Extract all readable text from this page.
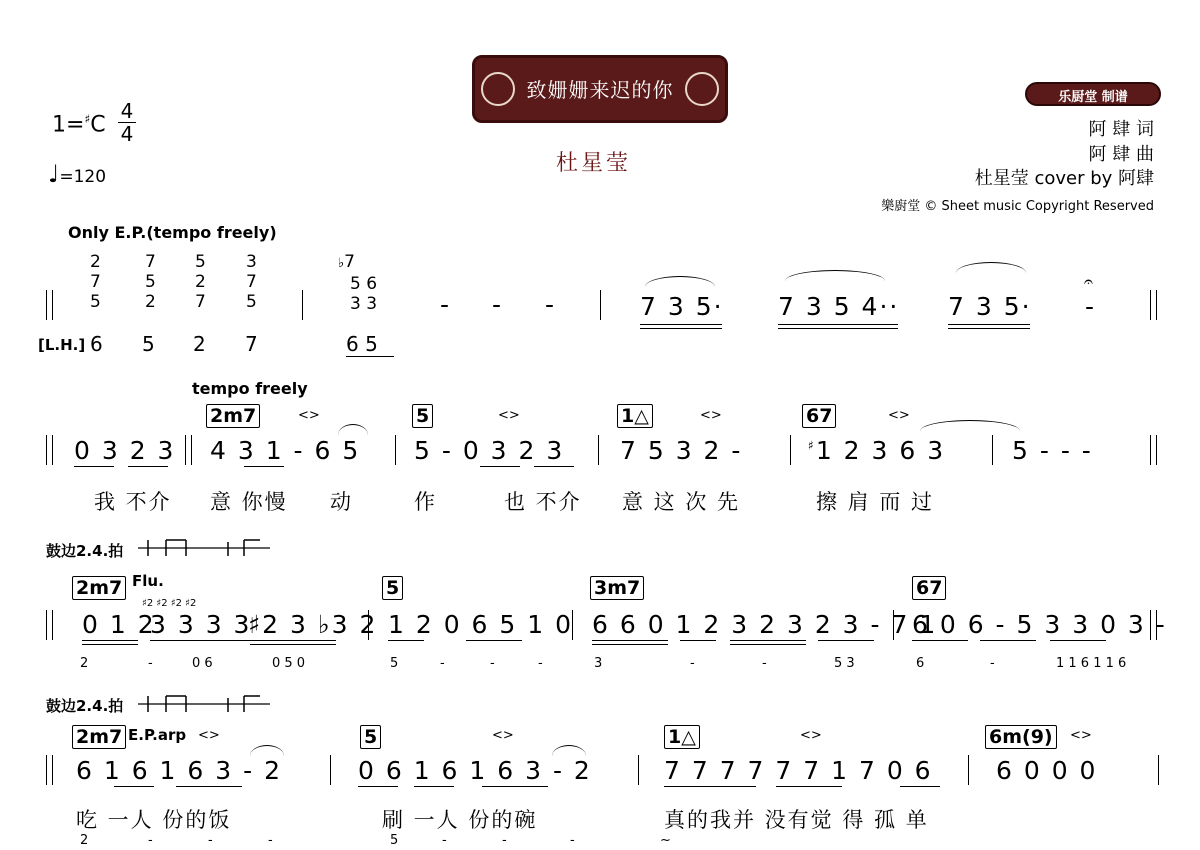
致姗姗来迟的你
杜星莹
1=♯C
4
4
♩=120
乐厨堂 制谱
阿 肆 词
阿 肆 曲
杜星莹 cover by 阿肆
樂廚堂 © Sheet music Copyright Reserved
Only E.P.(tempo freely)
2
7
5
7
5
2
5
2
7
3
7
5
♭7
5 6
3 3	- - -	7 3 5· 7 3 5 4·· 7 3 5· -
𝄐
[L.H.] 6 5 2 7	6 5
tempo freely
2m7	<>	5	<>	1△	<>	67	<>
0 3 2 3 4 3 1 - 6 5 5 - 0 3 2 3 7 5 3 2 -	♯1 2 3 6 3	5 - - -
我 不介 意 你慢 动	作	也 不介 意 这 次 先	擦 肩 而 过
鼓边2.4.拍
2m7 Flu.	5	3m7	67
0 1 2
♯2 ♯2 ♯2 ♯2
3 3 3 3
♯2 3 ♭3 2 1 2 0 6 5 1 0 6 6 0 1 2 3 2 3 2 3 - 7 1
6 0 6 - 5 3 3 0 3 -
2	-	0 6	0 5 0	5	-	-	-	3	-	-	5 3	6	-	1 1 6 1 1 6
鼓边2.4.拍
2m7 E.P.arp <>	5	<>	1△	<>	6m(9)	<>
6 1 6 1 6 3 - 2	0 6 1 6 1 6 3 - 2	7 7 7 7 7 7 1 7 0 6	6 0 0 0
吃 一人 份的饭	刷 一人 份的碗	真的我并 没有觉 得 孤 单
2	-	-	-	5	-	-	-	~
